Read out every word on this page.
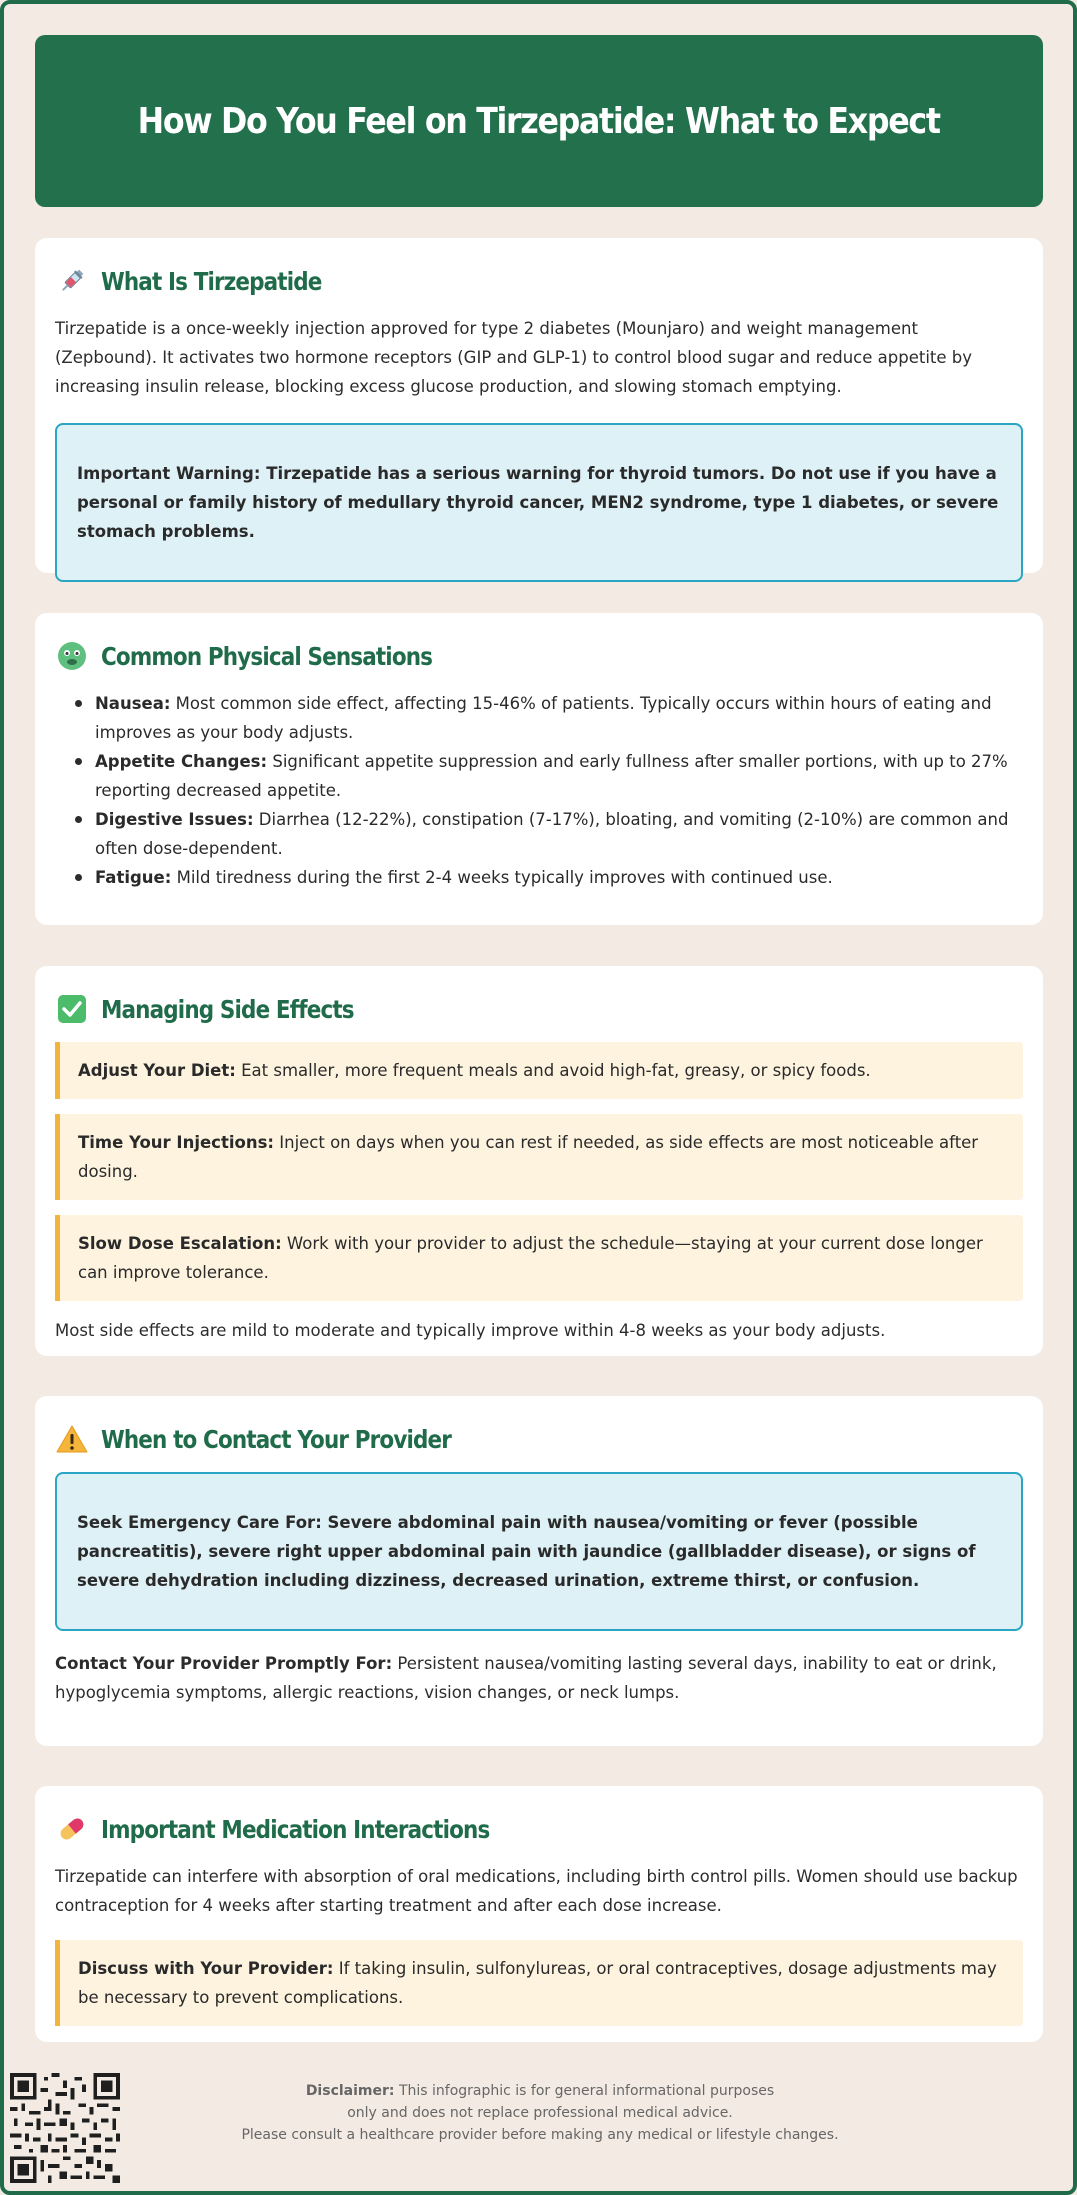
How Do You Feel on Tirzepatide: What to Expect
What Is Tirzepatide

Tirzepatide is a once-weekly injection approved for type 2 diabetes (Mounjaro) and weight management (Zepbound). It activates two hormone receptors (GIP and GLP-1) to control blood sugar and reduce appetite by increasing insulin release, blocking excess glucose production, and slowing stomach emptying.

Important Warning: Tirzepatide has a serious warning for thyroid tumors. Do not use if you have a personal or family history of medullary thyroid cancer, MEN2 syndrome, type 1 diabetes, or severe stomach problems.
Common Physical Sensations
Nausea: Most common side effect, affecting 15-46% of patients. Typically occurs within hours of eating and improves as your body adjusts.
Appetite Changes: Significant appetite suppression and early fullness after smaller portions, with up to 27% reporting decreased appetite.
Digestive Issues: Diarrhea (12-22%), constipation (7-17%), bloating, and vomiting (2-10%) are common and often dose-dependent.
Fatigue: Mild tiredness during the first 2-4 weeks typically improves with continued use.
Managing Side Effects
Adjust Your Diet: Eat smaller, more frequent meals and avoid high-fat, greasy, or spicy foods.
Time Your Injections: Inject on days when you can rest if needed, as side effects are most noticeable after dosing.
Slow Dose Escalation: Work with your provider to adjust the schedule—staying at your current dose longer can improve tolerance.

Most side effects are mild to moderate and typically improve within 4-8 weeks as your body adjusts.

When to Contact Your Provider
Seek Emergency Care For: Severe abdominal pain with nausea/vomiting or fever (possible pancreatitis), severe right upper abdominal pain with jaundice (gallbladder disease), or signs of severe dehydration including dizziness, decreased urination, extreme thirst, or confusion.

Contact Your Provider Promptly For: Persistent nausea/vomiting lasting several days, inability to eat or drink, hypoglycemia symptoms, allergic reactions, vision changes, or neck lumps.

Important Medication Interactions

Tirzepatide can interfere with absorption of oral medications, including birth control pills. Women should use backup contraception for 4 weeks after starting treatment and after each dose increase.

Discuss with Your Provider: If taking insulin, sulfonylureas, or oral contraceptives, dosage adjustments may be necessary to prevent complications.
Disclaimer: This infographic is for general informational purposes
only and does not replace professional medical advice.
Please consult a healthcare provider before making any medical or lifestyle changes.
